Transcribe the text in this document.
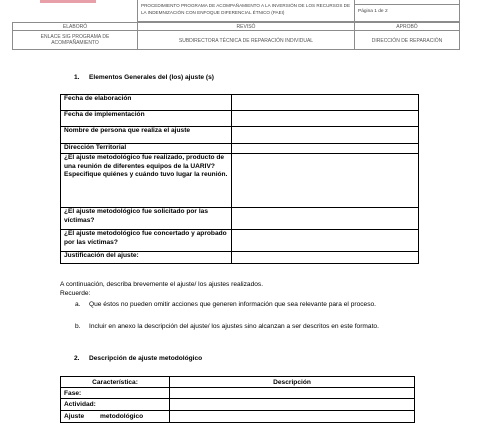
PROCEDIMIENTO PROGRAMA DE ACOMPAÑAMIENTO A LA INVERSIÓN DE LOS RECURSOS DE LA INDEMNIZACIÓN CON ENFOQUE DIFERENCIAL ÉTNICO (PAEI)	Página 1 de 2
ELABORÓ	REVISÓ	APROBÓ
ENLACE SIG PROGRAMA DE ACOMPAÑAMIENTO	SUBDIRECTORA TÉCNICA DE REPARACIÓN INDIVIDUAL	DIRECCIÓN DE REPARACIÓN
1. Elementos Generales del (los) ajuste (s)
Fecha de elaboración	
Fecha de implementación	
Nombre de persona que realiza el ajuste	
Dirección Territorial	
¿El ajuste metodológico fue realizado, producto de una reunión de diferentes equipos de la UARIV? Especifique quiénes y cuándo tuvo lugar la reunión.	
¿El ajuste metodológico fue solicitado por las víctimas?	
¿El ajuste metodológico fue concertado y aprobado por las víctimas?	
Justificación del ajuste:	
A continuación, describa brevemente el ajuste/ los ajustes realizados.
Recuerde:
a. Que éstos no pueden omitir acciones que generen información que sea relevante para el proceso.
b. Incluir en anexo la descripción del ajuste/ los ajustes sino alcanzan a ser descritos en este formato.
2. Descripción de ajuste metodológico
Característica:	Descripción
Fase:	
Actividad:	
Ajuste metodológico	
